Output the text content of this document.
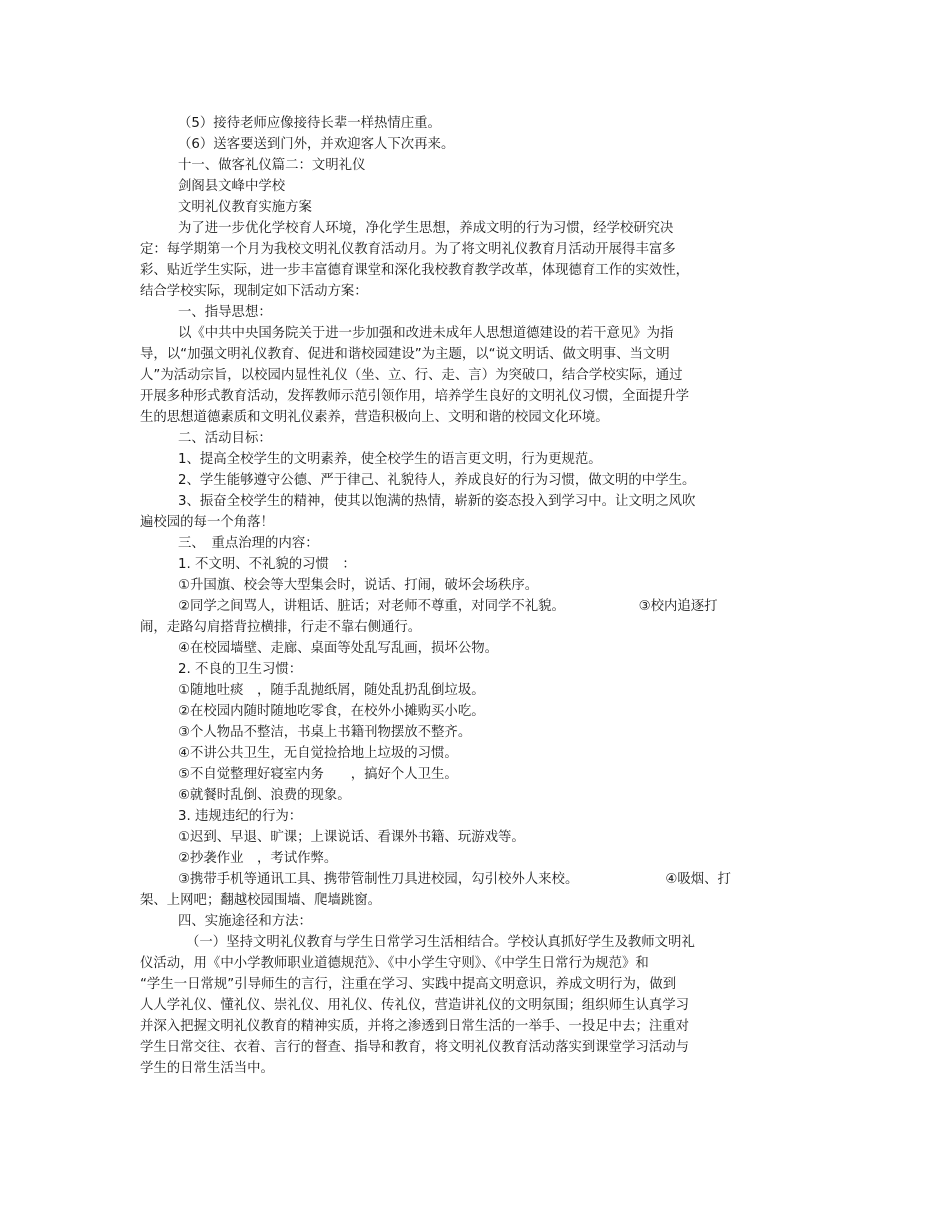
（5）接待老师应像接待长辈一样热情庄重。
（6）送客要送到门外，并欢迎客人下次再来。
十一、做客礼仪篇二：文明礼仪
剑阁县文峰中学校
文明礼仪教育实施方案
为了进一步优化学校育人环境，净化学生思想，养成文明的行为习惯，经学校研究决
定：每学期第一个月为我校文明礼仪教育活动月。为了将文明礼仪教育月活动开展得丰富多
彩、贴近学生实际，进一步丰富德育课堂和深化我校教育教学改革，体现德育工作的实效性，
结合学校实际，现制定如下活动方案：
一、指导思想：
以《中共中央国务院关于进一步加强和改进未成年人思想道德建设的若干意见》为指
导，以“加强文明礼仪教育、促进和谐校园建设”为主题，以“说文明话、做文明事、当文明
人”为活动宗旨，以校园内显性礼仪（坐、立、行、走、言）为突破口，结合学校实际，通过
开展多种形式教育活动，发挥教师示范引领作用，培养学生良好的文明礼仪习惯，全面提升学
生的思想道德素质和文明礼仪素养，营造积极向上、文明和谐的校园文化环境。
二、活动目标：
1、提高全校学生的文明素养，使全校学生的语言更文明，行为更规范。
2、学生能够遵守公德、严于律己、礼貌待人，养成良好的行为习惯，做文明的中学生。
3、振奋全校学生的精神，使其以饱满的热情，崭新的姿态投入到学习中。让文明之风吹
遍校园的每一个角落！
三、　重点治理的内容：
1. 不文明、不礼貌的习惯　：
①升国旗、校会等大型集会时，说话、打闹，破坏会场秩序。
②同学之间骂人，讲粗话、脏话；对老师不尊重，对同学不礼貌。　　　　　　③校内追逐打
闹，走路勾肩搭背拉横排，行走不靠右侧通行。
④在校园墙壁、走廊、桌面等处乱写乱画，损坏公物。
2. 不良的卫生习惯：
①随地吐痰　，随手乱抛纸屑，随处乱扔乱倒垃圾。
②在校园内随时随地吃零食，在校外小摊购买小吃。
③个人物品不整洁，书桌上书籍刊物摆放不整齐。
④不讲公共卫生，无自觉捡拾地上垃圾的习惯。
⑤不自觉整理好寝室内务　　，搞好个人卫生。
⑥就餐时乱倒、浪费的现象。
3. 违规违纪的行为：
①迟到、早退、旷课；上课说话、看课外书籍、玩游戏等。
②抄袭作业　，考试作弊。
③携带手机等通讯工具、携带管制性刀具进校园，勾引校外人来校。　　　　　　　④吸烟、打
架、上网吧；翻越校园围墙、爬墙跳窗。
四、实施途径和方法：
（一）坚持文明礼仪教育与学生日常学习生活相结合。学校认真抓好学生及教师文明礼
仪活动，用《中小学教师职业道德规范》、《中小学生守则》、《中学生日常行为规范》和
“学生一日常规”引导师生的言行，注重在学习、实践中提高文明意识，养成文明行为，做到
人人学礼仪、懂礼仪、崇礼仪、用礼仪、传礼仪，营造讲礼仪的文明氛围；组织师生认真学习
并深入把握文明礼仪教育的精神实质，并将之渗透到日常生活的一举手、一投足中去；注重对
学生日常交往、衣着、言行的督查、指导和教育，将文明礼仪教育活动落实到课堂学习活动与
学生的日常生活当中。
